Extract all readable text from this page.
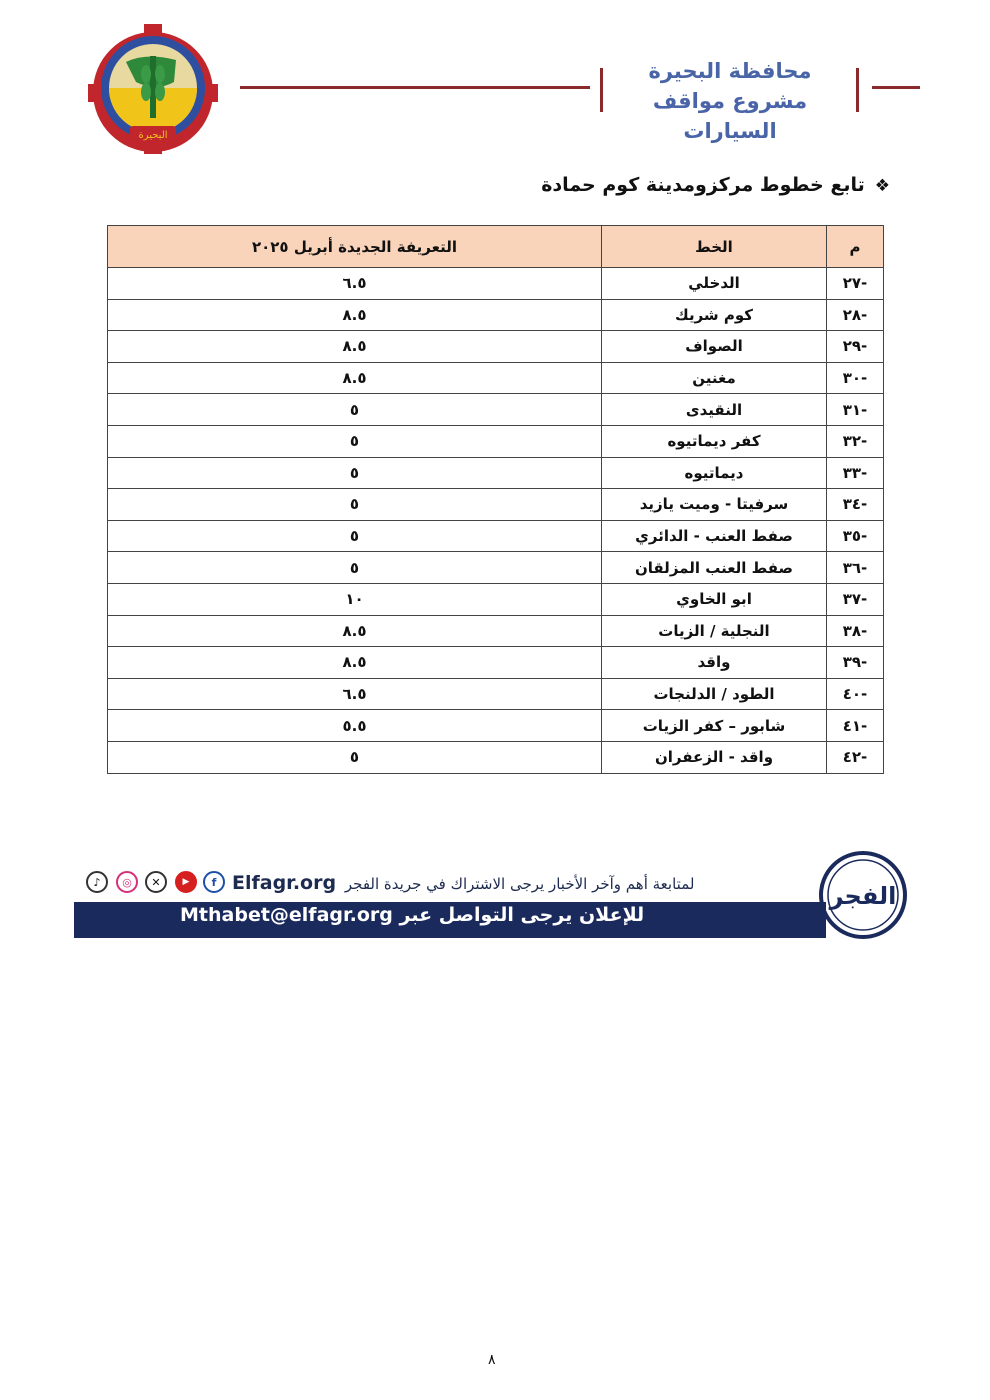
البحيرة
محافظة البحيرة
مشروع مواقف السيارات
❖تابع خطوط مركزومدينة كوم حمادة
م	الخط	التعريفة الجديدة أبريل ٢٠٢٥
-٢٧	الدخلي	٦.٥
-٢٨	كوم شريك	٨.٥
-٢٩	الصواف	٨.٥
-٣٠	مغنين	٨.٥
-٣١	النقيدى	٥
-٣٢	كفر ديماتيوه	٥
-٣٣	ديماتيوه	٥
-٣٤	سرفيتا - وميت يازيد	٥
-٣٥	صفط العنب - الدائري	٥
-٣٦	صفط العنب المزلقان	٥
-٣٧	ابو الخاوي	١٠
-٣٨	النجلية / الزيات	٨.٥
-٣٩	واقد	٨.٥
-٤٠	الطود / الدلنجات	٦.٥
-٤١	شابور – كفر الزيات	٥.٥
-٤٢	واقد - الزعفران	٥
الفجر
لمتابعة أهم وآخر الأخبار يرجى الاشتراك في جريدة الفجر Elfagr.org
f
▶
✕
◎
♪
للإعلان يرجى التواصل عبر Mthabet@elfagr.org
٨
